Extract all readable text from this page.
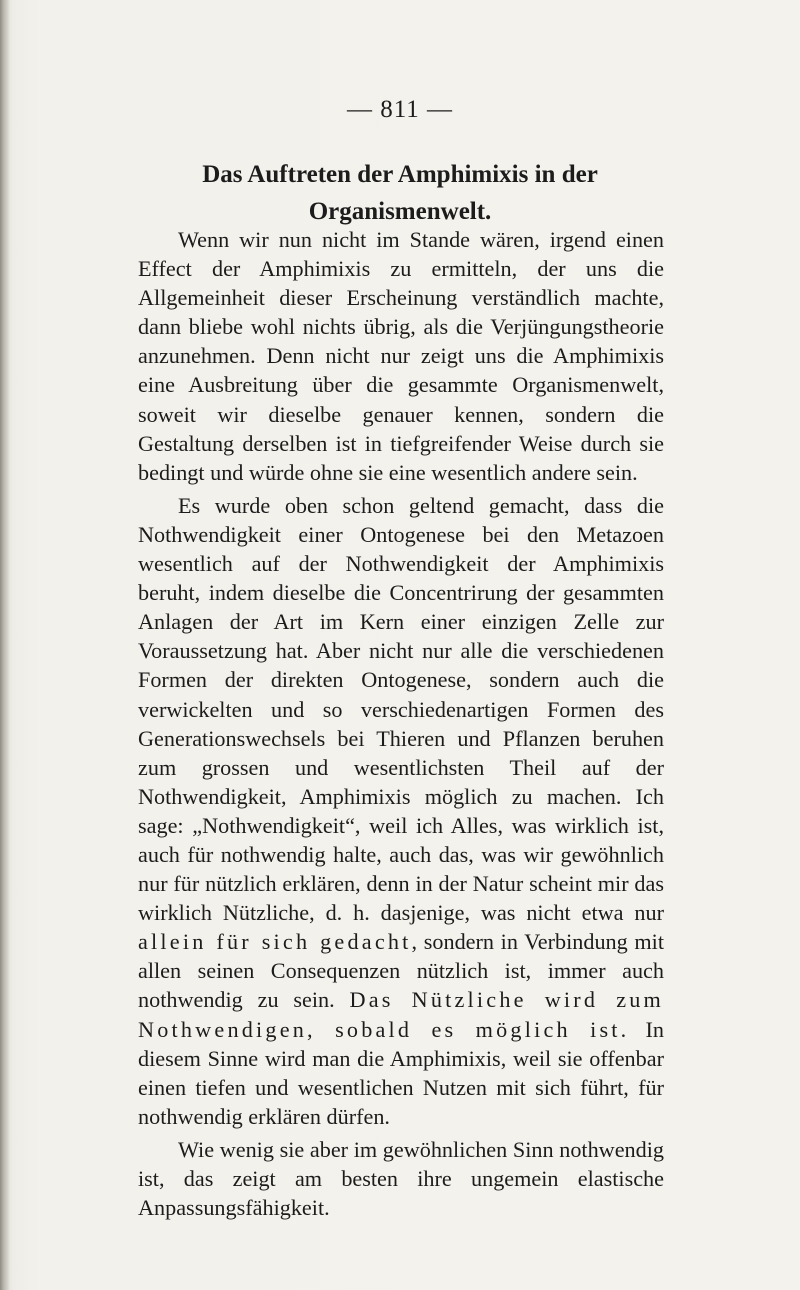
— 811 —
Das Auftreten der Amphimixis in der
Organismenwelt.

Wenn wir nun nicht im Stande wären, irgend einen Effect der Amphimixis zu ermitteln, der uns die Allgemeinheit dieser Erscheinung verständlich machte, dann bliebe wohl nichts übrig, als die Verjüngungstheorie anzunehmen. Denn nicht nur zeigt uns die Amphimixis eine Ausbreitung über die gesammte Organismenwelt, soweit wir dieselbe genauer kennen, sondern die Gestaltung derselben ist in tiefgreifender Weise durch sie bedingt und würde ohne sie eine wesentlich andere sein.

Es wurde oben schon geltend gemacht, dass die Nothwendigkeit einer Ontogenese bei den Metazoen wesentlich auf der Nothwendigkeit der Amphimixis beruht, indem dieselbe die Concentrirung der gesammten Anlagen der Art im Kern einer einzigen Zelle zur Voraussetzung hat. Aber nicht nur alle die verschiedenen Formen der direkten Ontogenese, sondern auch die verwickelten und so verschiedenartigen Formen des Generationswechsels bei Thieren und Pflanzen beruhen zum grossen und wesentlichsten Theil auf der Nothwendigkeit, Amphimixis möglich zu machen. Ich sage: „Nothwendigkeit“, weil ich Alles, was wirklich ist, auch für nothwendig halte, auch das, was wir gewöhnlich nur für nützlich erklären, denn in der Natur scheint mir das wirklich Nützliche, d. h. dasjenige, was nicht etwa nur allein für sich gedacht, sondern in Verbindung mit allen seinen Consequenzen nützlich ist, immer auch nothwendig zu sein. Das Nützliche wird zum Nothwendigen, sobald es möglich ist. In diesem Sinne wird man die Amphimixis, weil sie offenbar einen tiefen und wesentlichen Nutzen mit sich führt, für nothwendig erklären dürfen.

Wie wenig sie aber im gewöhnlichen Sinn nothwendig ist, das zeigt am besten ihre ungemein elastische Anpassungsfähigkeit.
